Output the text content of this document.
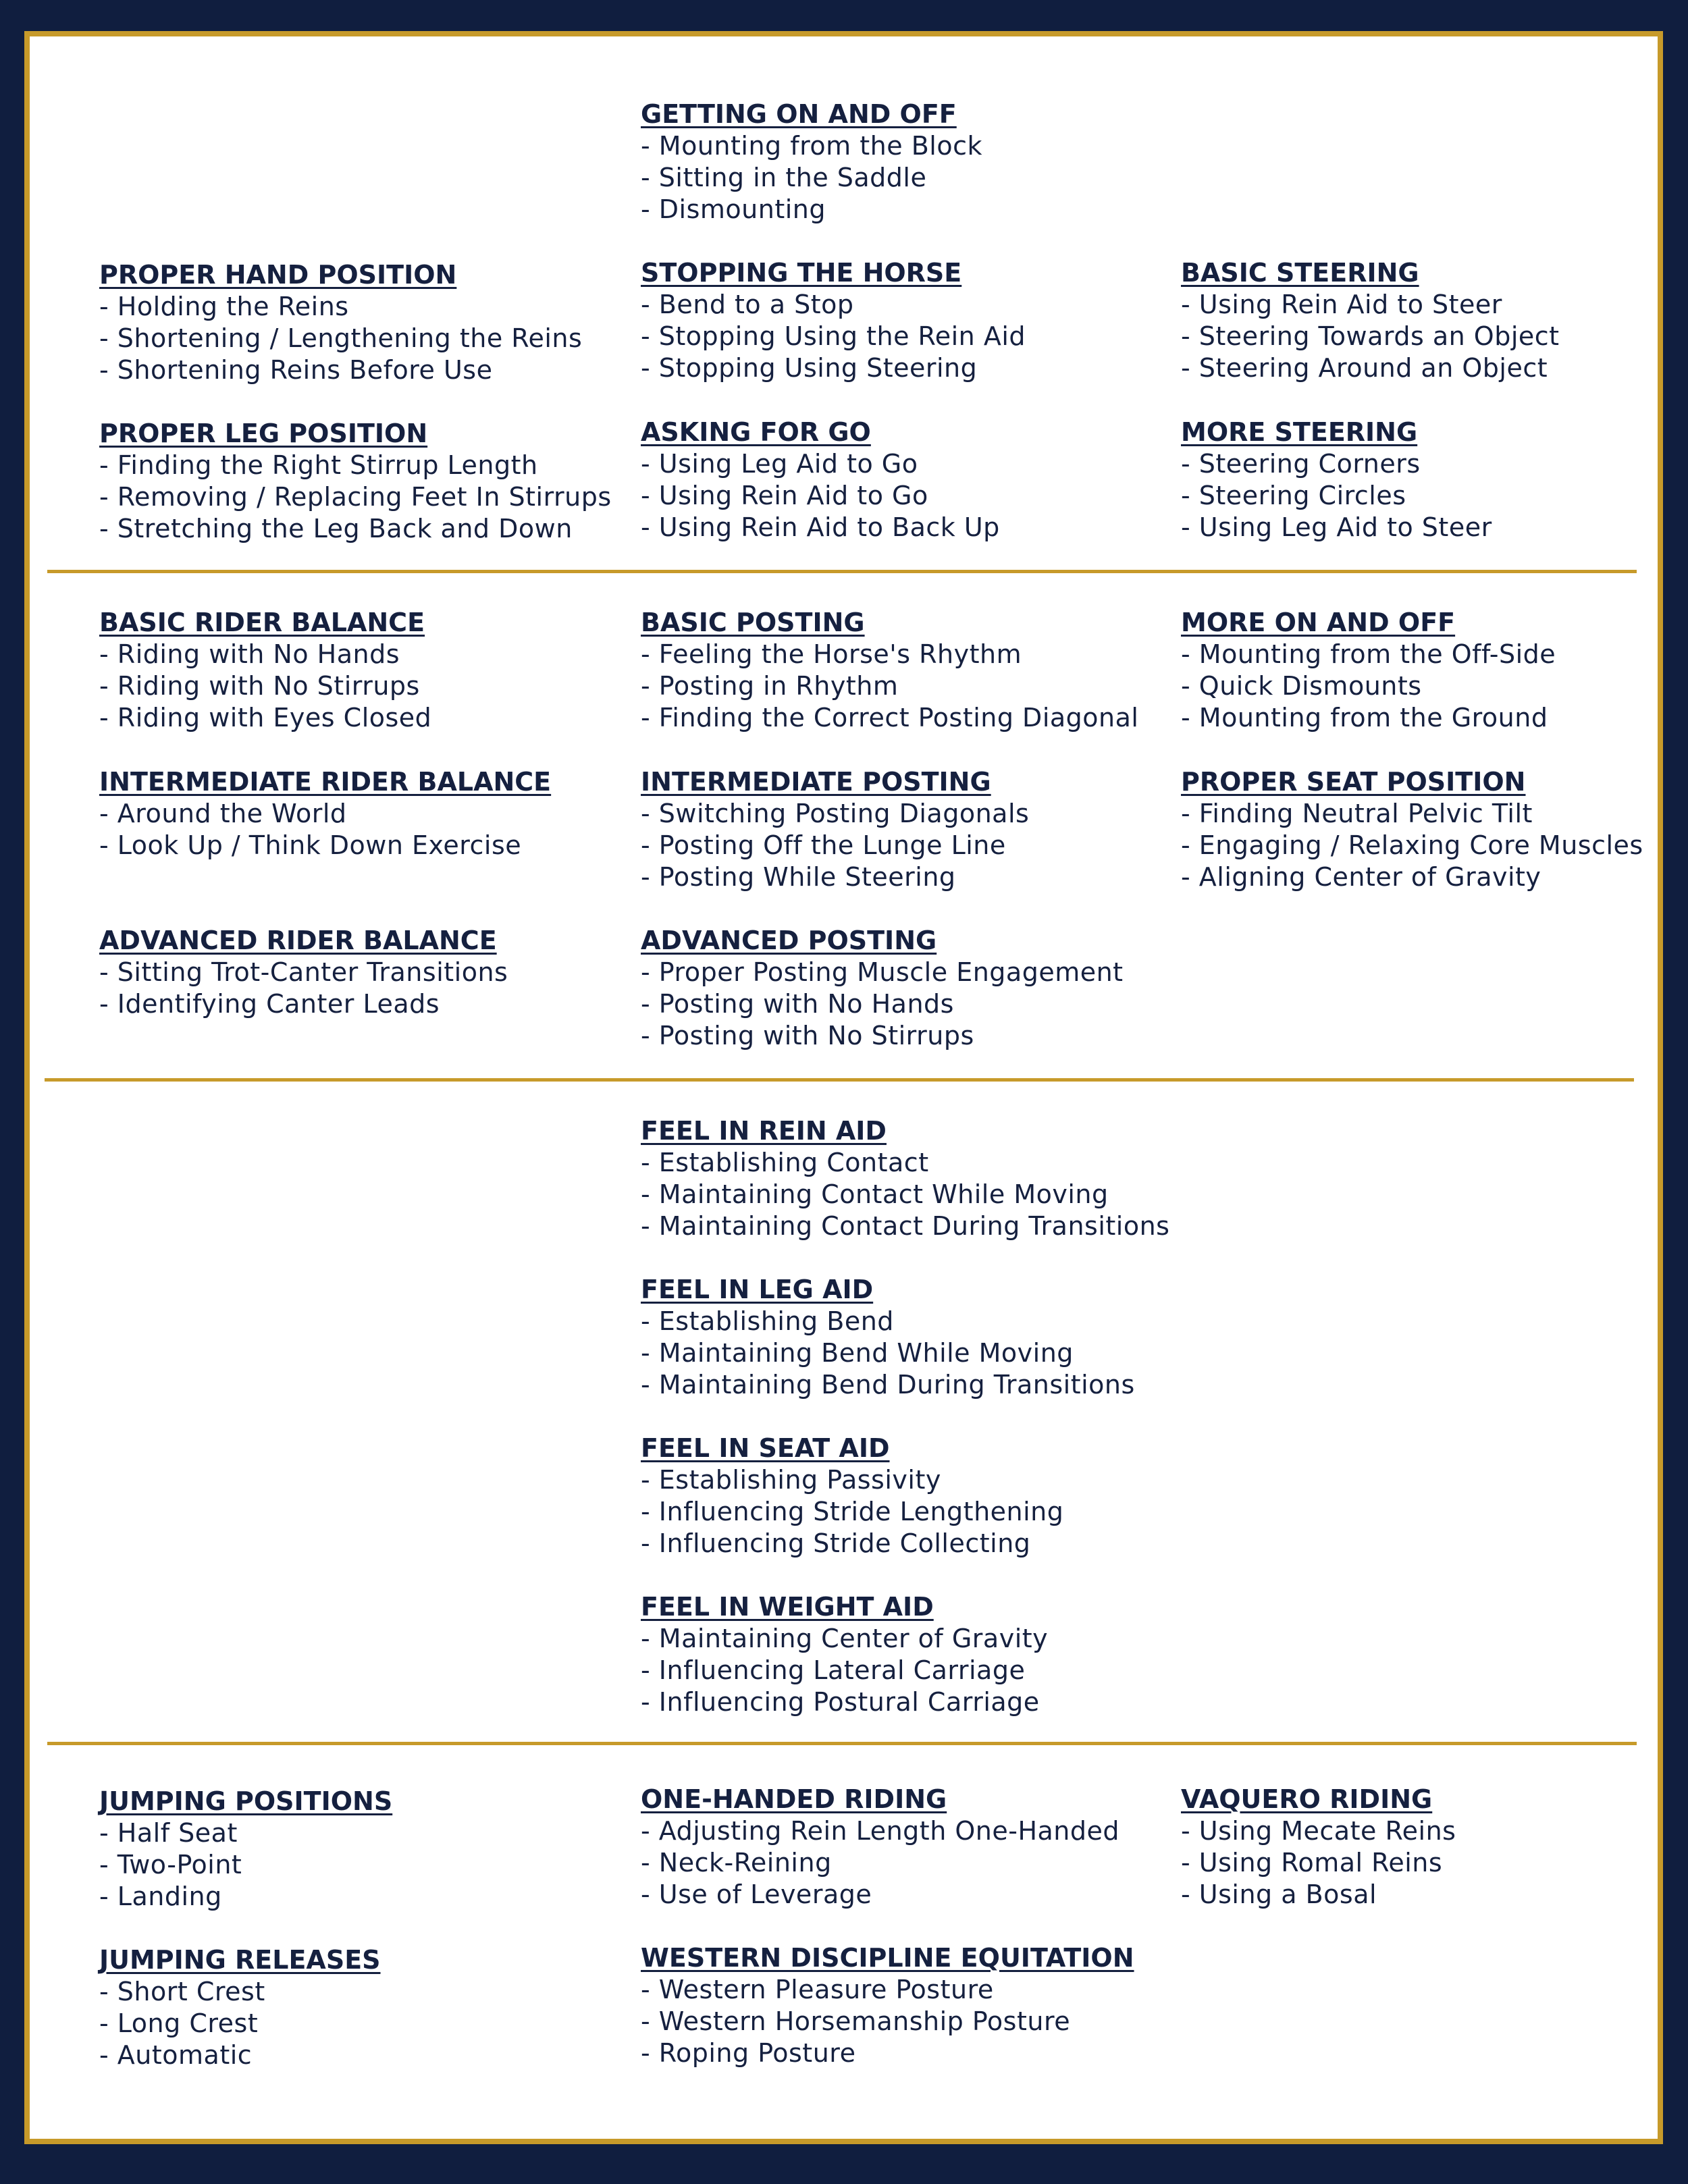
GETTING ON AND OFF
- Mounting from the Block
- Sitting in the Saddle
- Dismounting
PROPER HAND POSITION
- Holding the Reins
- Shortening / Lengthening the Reins
- Shortening Reins Before Use
STOPPING THE HORSE
- Bend to a Stop
- Stopping Using the Rein Aid
- Stopping Using Steering
BASIC STEERING
- Using Rein Aid to Steer
- Steering Towards an Object
- Steering Around an Object
PROPER LEG POSITION
- Finding the Right Stirrup Length
- Removing / Replacing Feet In Stirrups
- Stretching the Leg Back and Down
ASKING FOR GO
- Using Leg Aid to Go
- Using Rein Aid to Go
- Using Rein Aid to Back Up
MORE STEERING
- Steering Corners
- Steering Circles
- Using Leg Aid to Steer
BASIC RIDER BALANCE
- Riding with No Hands
- Riding with No Stirrups
- Riding with Eyes Closed
BASIC POSTING
- Feeling the Horse's Rhythm
- Posting in Rhythm
- Finding the Correct Posting Diagonal
MORE ON AND OFF
- Mounting from the Off-Side
- Quick Dismounts
- Mounting from the Ground
INTERMEDIATE RIDER BALANCE
- Around the World
- Look Up / Think Down Exercise
INTERMEDIATE POSTING
- Switching Posting Diagonals
- Posting Off the Lunge Line
- Posting While Steering
PROPER SEAT POSITION
- Finding Neutral Pelvic Tilt
- Engaging / Relaxing Core Muscles
- Aligning Center of Gravity
ADVANCED RIDER BALANCE
- Sitting Trot-Canter Transitions
- Identifying Canter Leads
ADVANCED POSTING
- Proper Posting Muscle Engagement
- Posting with No Hands
- Posting with No Stirrups
FEEL IN REIN AID
- Establishing Contact
- Maintaining Contact While Moving
- Maintaining Contact During Transitions
FEEL IN LEG AID
- Establishing Bend
- Maintaining Bend While Moving
- Maintaining Bend During Transitions
FEEL IN SEAT AID
- Establishing Passivity
- Influencing Stride Lengthening
- Influencing Stride Collecting
FEEL IN WEIGHT AID
- Maintaining Center of Gravity
- Influencing Lateral Carriage
- Influencing Postural Carriage
JUMPING POSITIONS
- Half Seat
- Two-Point
- Landing
ONE-HANDED RIDING
- Adjusting Rein Length One-Handed
- Neck-Reining
- Use of Leverage
VAQUERO RIDING
- Using Mecate Reins
- Using Romal Reins
- Using a Bosal
JUMPING RELEASES
- Short Crest
- Long Crest
- Automatic
WESTERN DISCIPLINE EQUITATION
- Western Pleasure Posture
- Western Horsemanship Posture
- Roping Posture
